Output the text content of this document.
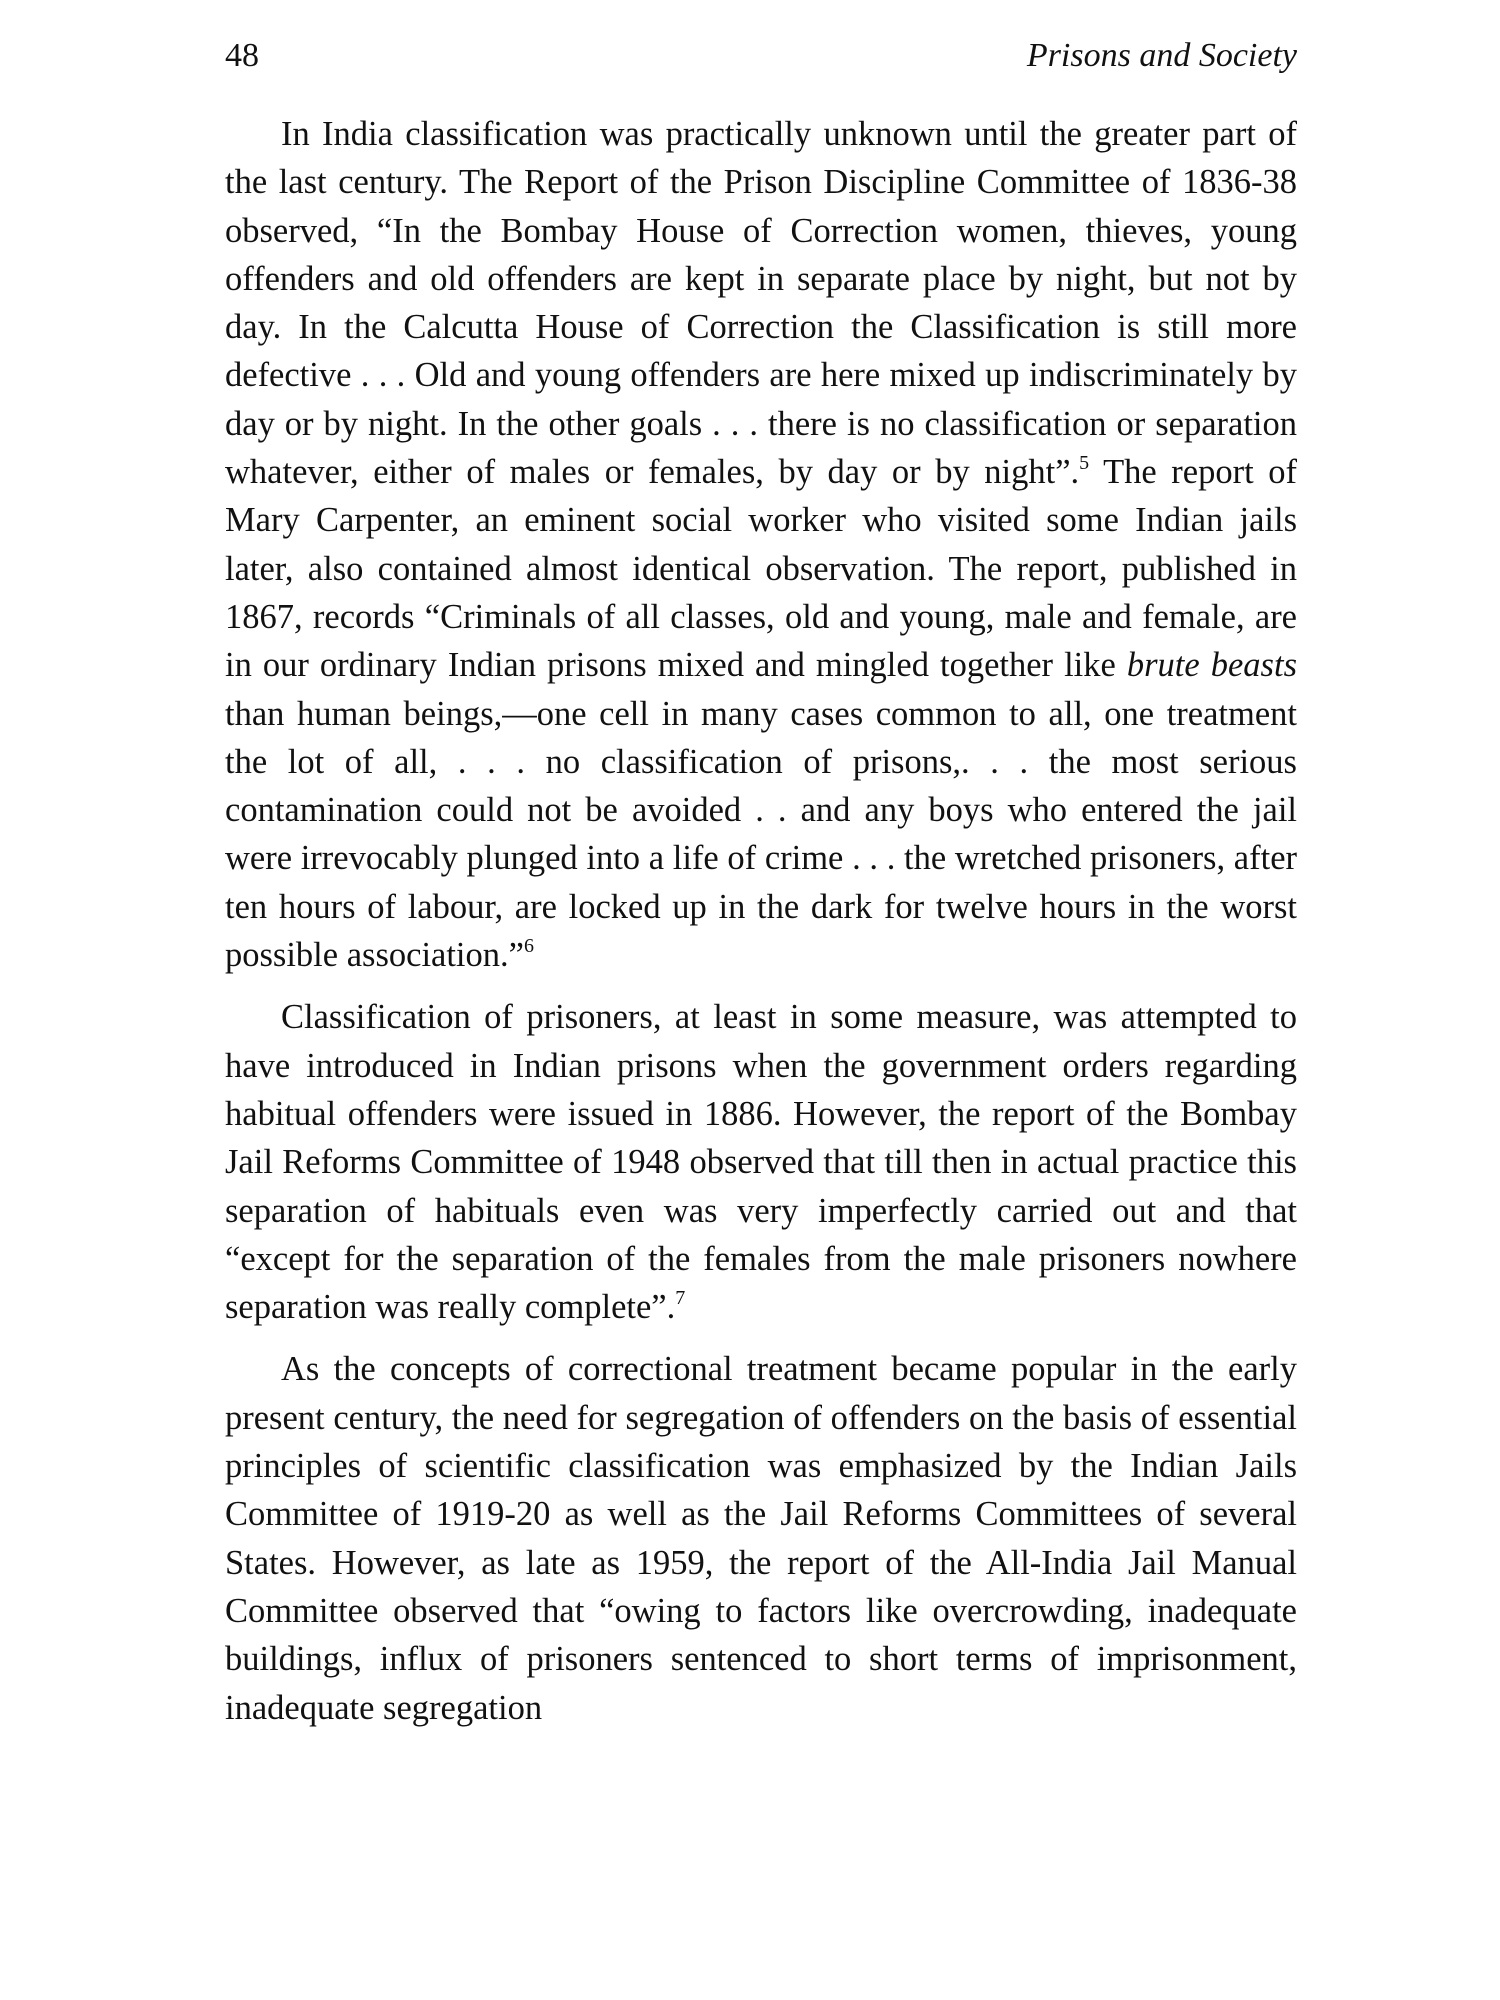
48	Prisons and Society

In India classification was practically unknown until the greater part of the last century. The Report of the Prison Discipline Committee of 1836-38 observed, “In the Bombay House of Correction women, thieves, young offenders and old offenders are kept in separate place by night, but not by day. In the Calcutta House of Correction the Classification is still more defective . . . Old and young offenders are here mixed up indiscriminately by day or by night. In the other goals . . . there is no classification or separation whatever, either of males or females, by day or by night”.$^5$ The report of Mary Carpenter, an eminent social worker who visited some Indian jails later, also contained almost identical observation. The report, published in 1867, records “Criminals of all classes, old and young, male and female, are in our ordinary Indian prisons mixed and mingled together like brute beasts than human beings,—one cell in many cases common to all, one treatment the lot of all, . . . no classification of prisons,. . . the most serious contamination could not be avoided . . and any boys who entered the jail were irrevocably plunged into a life of crime . . . the wretched prisoners, after ten hours of labour, are locked up in the dark for twelve hours in the worst possible association.”$^6$

Classification of prisoners, at least in some measure, was attempted to have introduced in Indian prisons when the government orders regarding habitual offenders were issued in 1886. However, the report of the Bombay Jail Reforms Committee of 1948 observed that till then in actual practice this separation of habituals even was very imperfectly carried out and that “except for the separation of the females from the male prisoners nowhere separation was really complete”.$^7$

As the concepts of correctional treatment became popular in the early present century, the need for segregation of offenders on the basis of essential principles of scientific classification was emphasized by the Indian Jails Committee of 1919-20 as well as the Jail Reforms Committees of several States. However, as late as 1959, the report of the All-India Jail Manual Committee observed that “owing to factors like overcrowding, inadequate buildings, influx of prisoners sentenced to short terms of imprisonment, inadequate segregation
